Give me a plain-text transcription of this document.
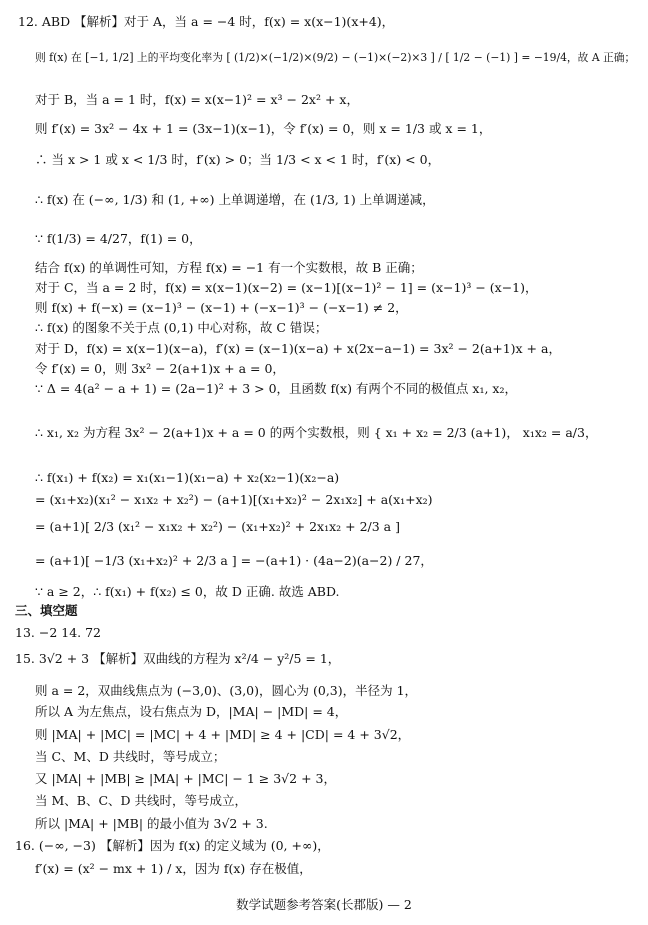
12. ABD 【解析】对于 A，当 a = −4 时，f(x) = x(x−1)(x+4)，
则 f(x) 在 [−1, 1/2] 上的平均变化率为 [ (1/2)×(−1/2)×(9/2) − (−1)×(−2)×3 ] / [ 1/2 − (−1) ] = −19/4，故 A 正确；
对于 B，当 a = 1 时，f(x) = x(x−1)² = x³ − 2x² + x，
则 f′(x) = 3x² − 4x + 1 = (3x−1)(x−1)，令 f′(x) = 0，则 x = 1/3 或 x = 1，
∴ 当 x > 1 或 x < 1/3 时，f′(x) > 0；当 1/3 < x < 1 时，f′(x) < 0，
∴ f(x) 在 (−∞, 1/3) 和 (1, +∞) 上单调递增，在 (1/3, 1) 上单调递减，
∵ f(1/3) = 4/27，f(1) = 0，
结合 f(x) 的单调性可知，方程 f(x) = −1 有一个实数根，故 B 正确；
对于 C，当 a = 2 时，f(x) = x(x−1)(x−2) = (x−1)[(x−1)² − 1] = (x−1)³ − (x−1)，
则 f(x) + f(−x) = (x−1)³ − (x−1) + (−x−1)³ − (−x−1) ≠ 2，
∴ f(x) 的图象不关于点 (0,1) 中心对称，故 C 错误；
对于 D，f(x) = x(x−1)(x−a)，f′(x) = (x−1)(x−a) + x(2x−a−1) = 3x² − 2(a+1)x + a，
令 f′(x) = 0，则 3x² − 2(a+1)x + a = 0，
∵ Δ = 4(a² − a + 1) = (2a−1)² + 3 > 0，且函数 f(x) 有两个不同的极值点 x₁, x₂，
∴ x₁, x₂ 为方程 3x² − 2(a+1)x + a = 0 的两个实数根，则 { x₁ + x₂ = 2/3 (a+1)， x₁x₂ = a/3，
∴ f(x₁) + f(x₂) = x₁(x₁−1)(x₁−a) + x₂(x₂−1)(x₂−a)
= (x₁+x₂)(x₁² − x₁x₂ + x₂²) − (a+1)[(x₁+x₂)² − 2x₁x₂] + a(x₁+x₂)
= (a+1)[ 2/3 (x₁² − x₁x₂ + x₂²) − (x₁+x₂)² + 2x₁x₂ + 2/3 a ]
= (a+1)[ −1/3 (x₁+x₂)² + 2/3 a ] = −(a+1) · (4a−2)(a−2) / 27，
∵ a ≥ 2，∴ f(x₁) + f(x₂) ≤ 0，故 D 正确. 故选 ABD.
三、填空题
13. −2 14. 72
15. 3√2 + 3 【解析】双曲线的方程为 x²/4 − y²/5 = 1，
则 a = 2，双曲线焦点为 (−3,0)、(3,0)，圆心为 (0,3)，半径为 1，
所以 A 为左焦点，设右焦点为 D，|MA| − |MD| = 4，
则 |MA| + |MC| = |MC| + 4 + |MD| ≥ 4 + |CD| = 4 + 3√2，
当 C、M、D 共线时，等号成立；
又 |MA| + |MB| ≥ |MA| + |MC| − 1 ≥ 3√2 + 3，
当 M、B、C、D 共线时，等号成立，
所以 |MA| + |MB| 的最小值为 3√2 + 3.
16. (−∞, −3) 【解析】因为 f(x) 的定义域为 (0, +∞)，
f′(x) = (x² − mx + 1) / x，因为 f(x) 存在极值，
数学试题参考答案(长郡版) — 2
